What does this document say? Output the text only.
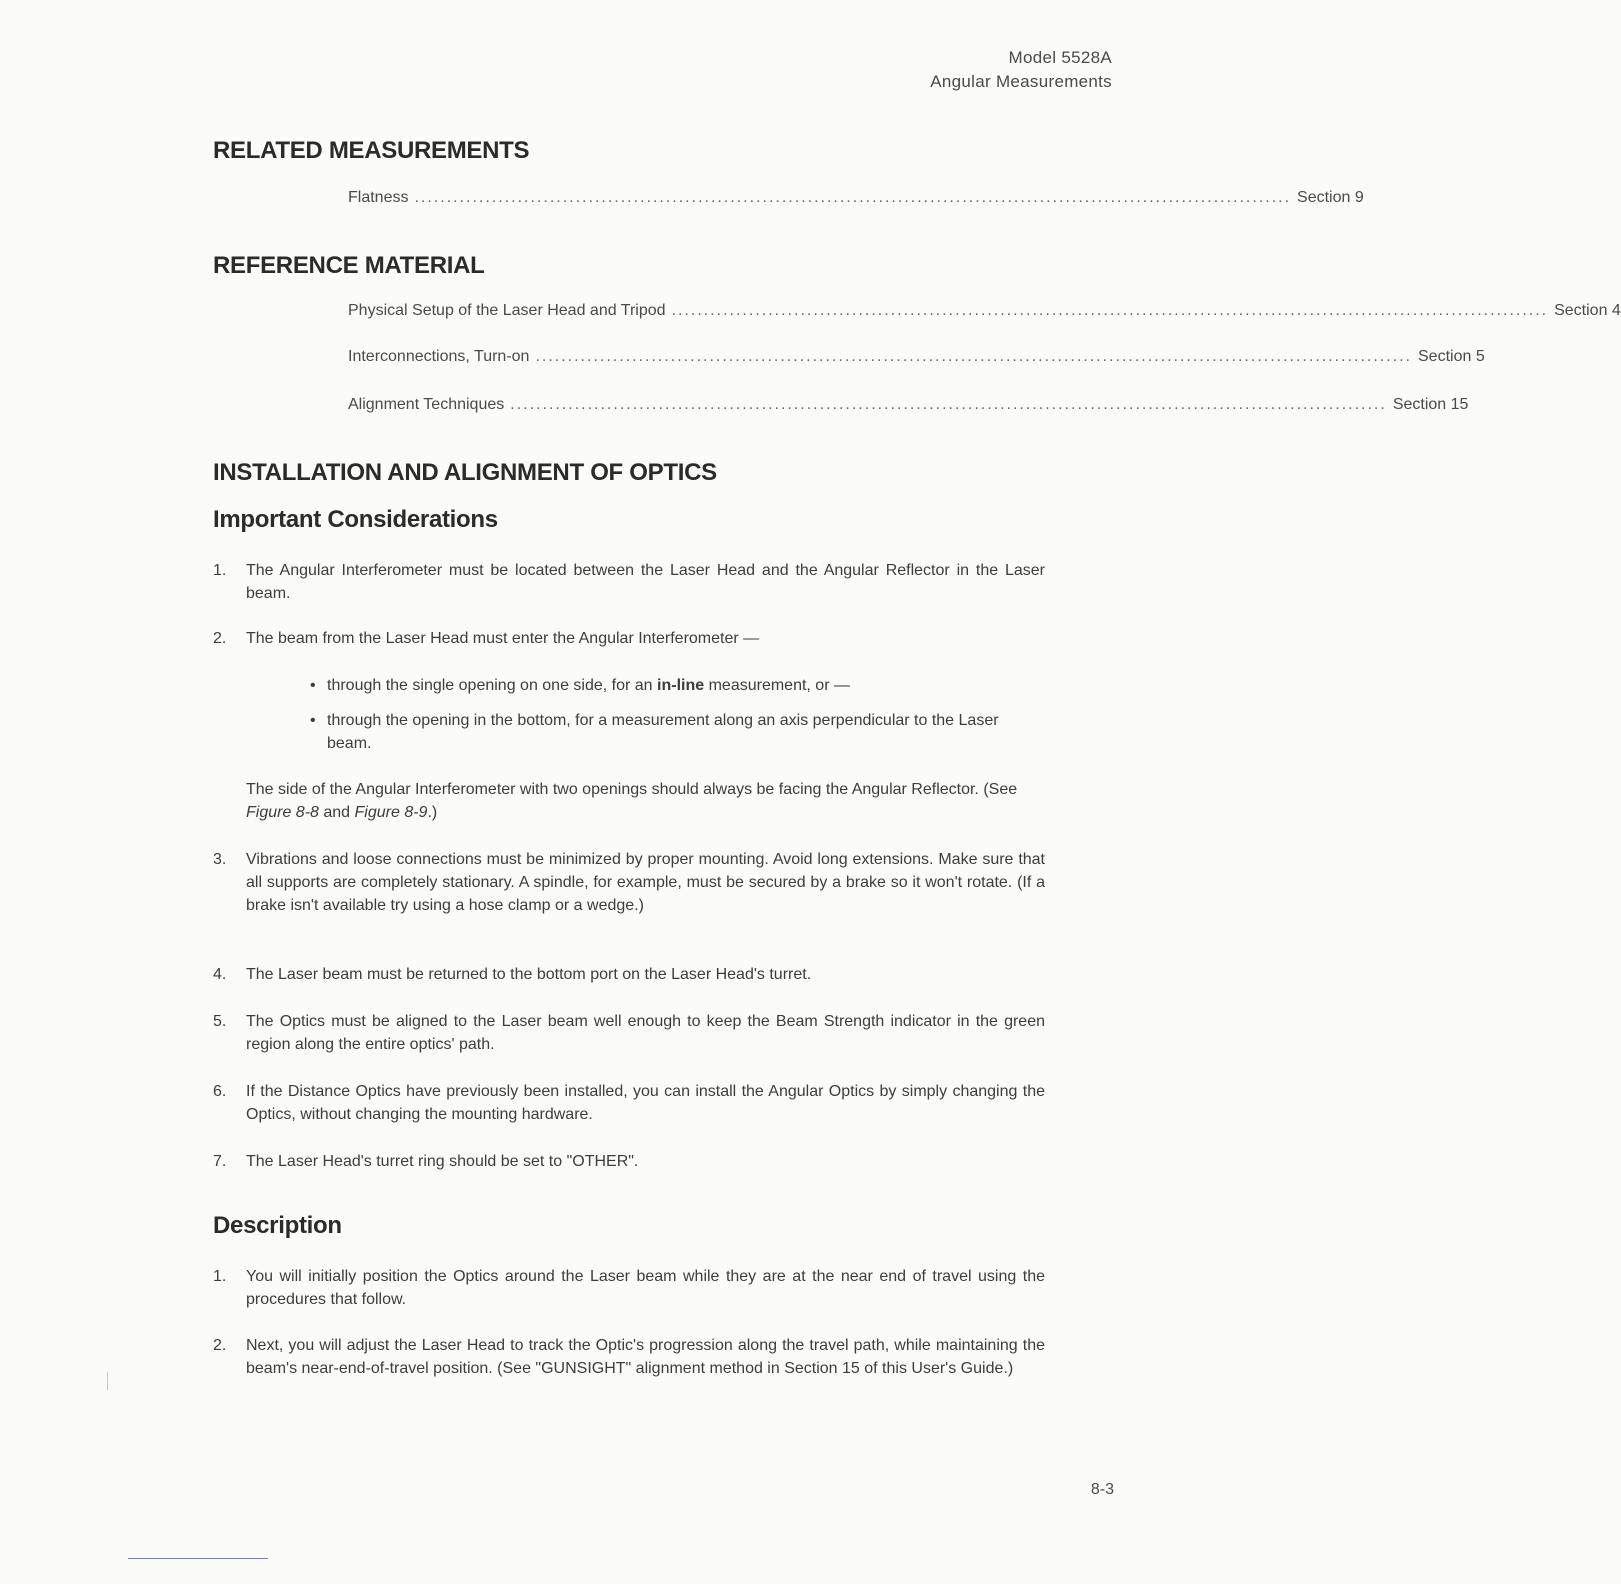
Model 5528A
Angular Measurements
RELATED MEASUREMENTS
Flatness ........................................................................................................................................ Section 9
REFERENCE MATERIAL
Physical Setup of the Laser Head and Tripod ........................................................................................................................................ Section 4
Interconnections, Turn-on ........................................................................................................................................ Section 5
Alignment Techniques ........................................................................................................................................ Section 15
INSTALLATION AND ALIGNMENT OF OPTICS
Important Considerations
1.	The Angular Interferometer must be located between the Laser Head and the Angular Reflector in the Laser beam.
2.	The beam from the Laser Head must enter the Angular Interferometer —
• through the single opening on one side, for an in-line measurement, or —
• through the opening in the bottom, for a measurement along an axis perpendicular to the Laser beam.
The side of the Angular Interferometer with two openings should always be facing the Angular Reflector. (See Figure 8-8 and Figure 8-9.)
3.	Vibrations and loose connections must be minimized by proper mounting. Avoid long extensions. Make sure that all supports are completely stationary. A spindle, for example, must be secured by a brake so it won't rotate. (If a brake isn't available try using a hose clamp or a wedge.)
4.	The Laser beam must be returned to the bottom port on the Laser Head's turret.
5.	The Optics must be aligned to the Laser beam well enough to keep the Beam Strength indicator in the green region along the entire optics' path.
6.	If the Distance Optics have previously been installed, you can install the Angular Optics by simply changing the Optics, without changing the mounting hardware.
7.	The Laser Head's turret ring should be set to "OTHER".
Description
1.	You will initially position the Optics around the Laser beam while they are at the near end of travel using the procedures that follow.
2.	Next, you will adjust the Laser Head to track the Optic's progression along the travel path, while maintaining the beam's near-end-of-travel position. (See "GUNSIGHT" alignment method in Section 15 of this User's Guide.)
8-3
